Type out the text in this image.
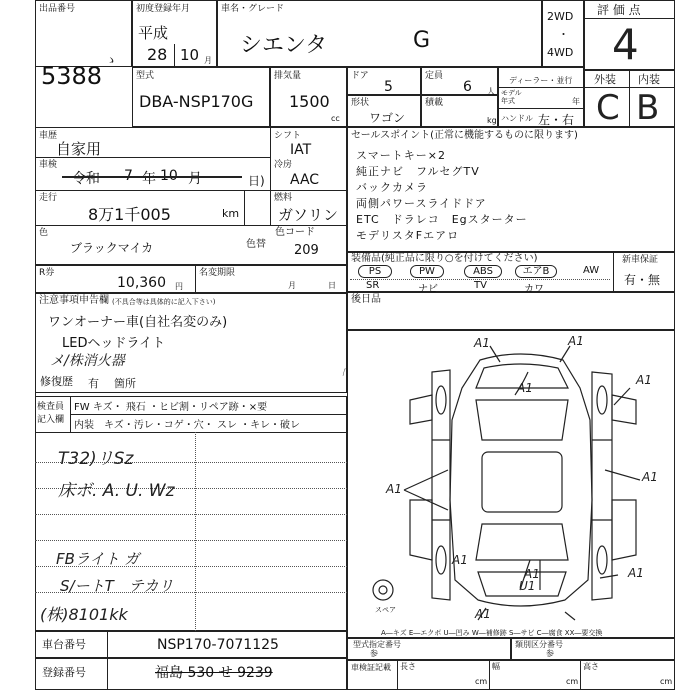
出品番号
5388
ゝ
初度登録年月
平成
28 10 月
車名・グレード
シエンタ	G
2WD
・
4WD
評 価 点
4
型式
DBA-NSP170G
排気量
1500
cc
ドア
5
定員
6 人
形状
ワゴン
積載
kg
ディーラー・並行
モデル年式	年
ハンドル 左・右
外装 内装
C B
車歴
自家用
シフト
IAT
車検
令和 7 年 10 月	日)
冷房
AAC
走行
8万1千005	km
燃料
ガソリン
色
ブラックマイカ	色替
色コード
209
R券
10,360 円
名変期限
月	日
セールスポイント(正常に機能するものに限ります)
スマートキー×2
純正ナビ　フルセグTV
バックカメラ
両側パワースライドドア
ETC　ドラレコ　Egスターター
モデリスタFエアロ
装備品(純正品に限り○を付けてください)	新車保証
有・無
PS	PW	ABS	エアB	AW
SR	ナビ	TV	カワ
後日品
注意事項申告欄 (不具合等は具体的に記入下さい)
ワンオーナー車(自社名変のみ)
LEDヘッドライト
メ/株消火器
修復歴 有 箇所
「
検査員
記入欄
FW キズ・ 飛石 ・ヒビ割・リペア跡・×要
内装　キズ・汚レ・コゲ・穴・ スレ ・キレ・破レ
T32)リSz
床ボ. A. U. Wz
FBライト ガ
S/ートT　テカリ
(株)8101kk
A1	A1
A1
A1
A1
A1
A1
A1	A1
U1
A1
スペア
A―キズ E―エクボ U―凹み W―補修跡 S―サビ C―腐食 XX―要交換
車台番号	NSP170-7071125
登録番号	福島 530 せ 9239
型式指定番号
参
類別区分番号
参
車検証記載 長さ
cm
幅
cm
高さ
cm
